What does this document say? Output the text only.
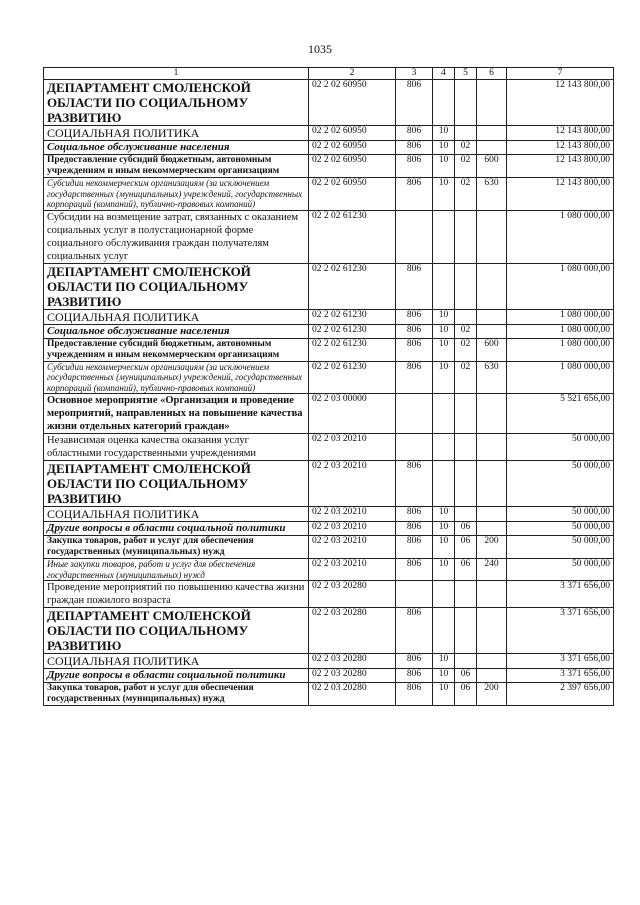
1035
1	2	3	4	5	6	7
ДЕПАРТАМЕНТ СМОЛЕНСКОЙ ОБЛАСТИ ПО СОЦИАЛЬНОМУ РАЗВИТИЮ	02 2 02 60950	806				12 143 800,00
СОЦИАЛЬНАЯ ПОЛИТИКА	02 2 02 60950	806	10			12 143 800,00
Социальное обслуживание населения	02 2 02 60950	806	10	02		12 143 800,00
Предоставление субсидий бюджетным, автономным учреждениям и иным некоммерческим организациям	02 2 02 60950	806	10	02	600	12 143 800,00
Субсидии некоммерческим организациям (за исключением государственных (муниципальных) учреждений, государственных корпораций (компаний), публично-правовых компаний)	02 2 02 60950	806	10	02	630	12 143 800,00
Субсидии на возмещение затрат, связанных с оказанием социальных услуг в полустационарной форме социального обслуживания граждан получателям социальных услуг	02 2 02 61230					1 080 000,00
ДЕПАРТАМЕНТ СМОЛЕНСКОЙ ОБЛАСТИ ПО СОЦИАЛЬНОМУ РАЗВИТИЮ	02 2 02 61230	806				1 080 000,00
СОЦИАЛЬНАЯ ПОЛИТИКА	02 2 02 61230	806	10			1 080 000,00
Социальное обслуживание населения	02 2 02 61230	806	10	02		1 080 000,00
Предоставление субсидий бюджетным, автономным учреждениям и иным некоммерческим организациям	02 2 02 61230	806	10	02	600	1 080 000,00
Субсидии некоммерческим организациям (за исключением государственных (муниципальных) учреждений, государственных корпораций (компаний), публично-правовых компаний)	02 2 02 61230	806	10	02	630	1 080 000,00
Основное мероприятие «Организация и проведение мероприятий, направленных на повышение качества жизни отдельных категорий граждан»	02 2 03 00000					5 521 656,00
Независимая оценка качества оказания услуг областными государственными учреждениями	02 2 03 20210					50 000,00
ДЕПАРТАМЕНТ СМОЛЕНСКОЙ ОБЛАСТИ ПО СОЦИАЛЬНОМУ РАЗВИТИЮ	02 2 03 20210	806				50 000,00
СОЦИАЛЬНАЯ ПОЛИТИКА	02 2 03 20210	806	10			50 000,00
Другие вопросы в области социальной политики	02 2 03 20210	806	10	06		50 000,00
Закупка товаров, работ и услуг для обеспечения государственных (муниципальных) нужд	02 2 03 20210	806	10	06	200	50 000,00
Иные закупки товаров, работ и услуг для обеспечения государственных (муниципальных) нужд	02 2 03 20210	806	10	06	240	50 000,00
Проведение мероприятий по повышению качества жизни граждан пожилого возраста	02 2 03 20280					3 371 656,00
ДЕПАРТАМЕНТ СМОЛЕНСКОЙ ОБЛАСТИ ПО СОЦИАЛЬНОМУ РАЗВИТИЮ	02 2 03 20280	806				3 371 656,00
СОЦИАЛЬНАЯ ПОЛИТИКА	02 2 03 20280	806	10			3 371 656,00
Другие вопросы в области социальной политики	02 2 03 20280	806	10	06		3 371 656,00
Закупка товаров, работ и услуг для обеспечения государственных (муниципальных) нужд	02 2 03 20280	806	10	06	200	2 397 656,00
